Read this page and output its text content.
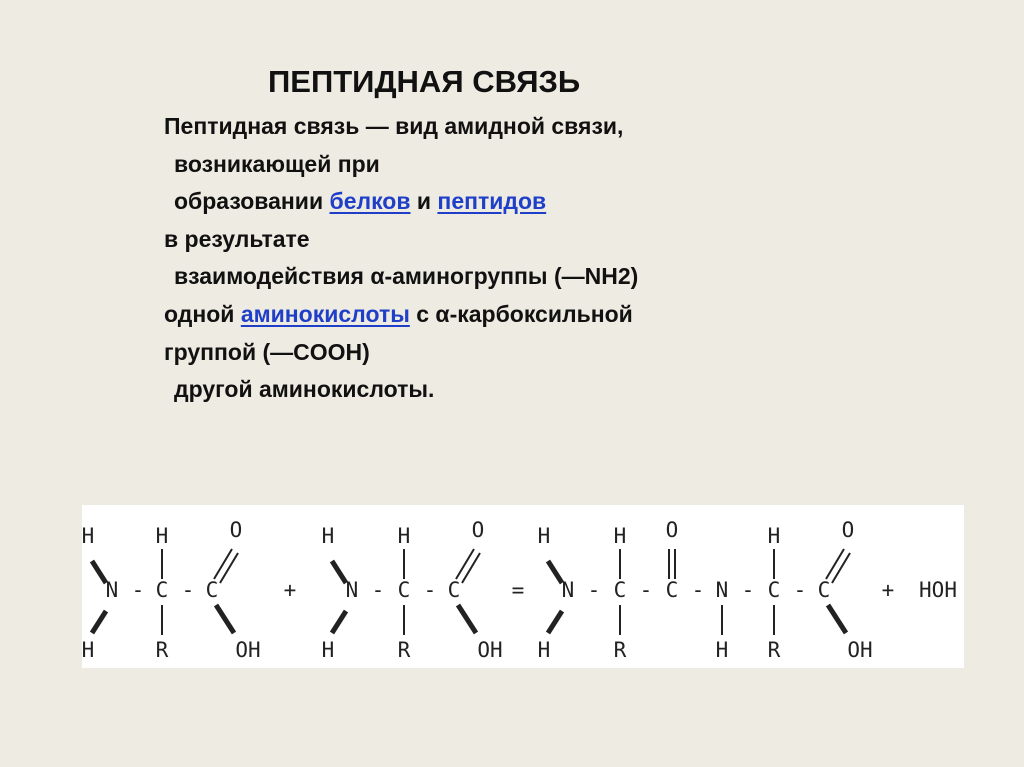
ПЕПТИДНАЯ СВЯЗЬ
Пептидная связь — вид амидной связи,
возникающей при
образовании белков и пептидов
в результате
взаимодействия α-аминогруппы (—NH2)
одной аминокислоты с α-карбоксильной
группой (—COOH)
другой аминокислоты.
H
H
N -
H
C
R
-
O
C
OH
+
H
H
N -
H
C
R
-
O
C
OH
=
H
H
N -
H
C
R
-
O
C - N
H
-
H
C
R
-
O
C
OH
+ HOH
